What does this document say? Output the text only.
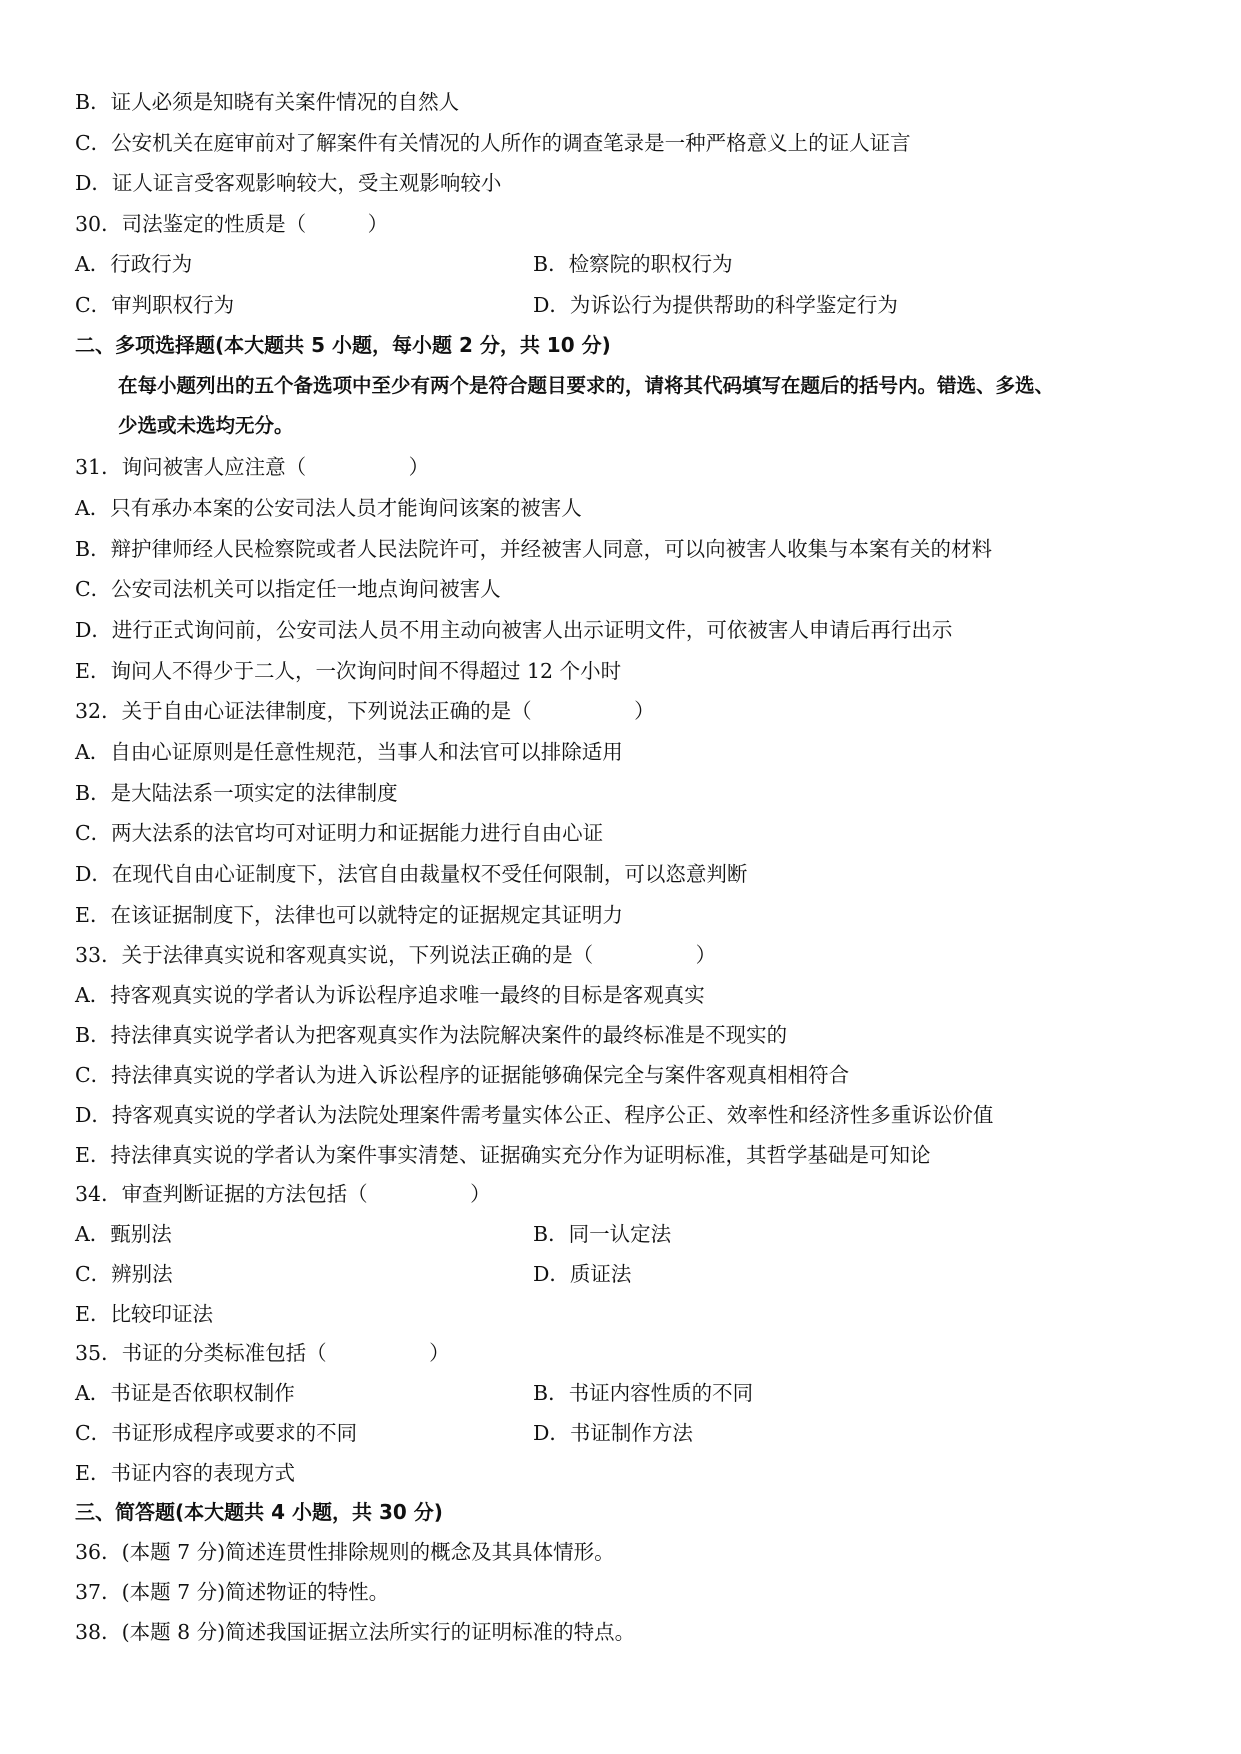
B．证人必须是知晓有关案件情况的自然人
C．公安机关在庭审前对了解案件有关情况的人所作的调查笔录是一种严格意义上的证人证言
D．证人证言受客观影响较大，受主观影响较小
30．司法鉴定的性质是（　　　）
A．行政行为	B．检察院的职权行为
C．审判职权行为	D．为诉讼行为提供帮助的科学鉴定行为
二、多项选择题(本大题共 5 小题，每小题 2 分，共 10 分)
在每小题列出的五个备选项中至少有两个是符合题目要求的，请将其代码填写在题后的括号内。错选、多选、
少选或未选均无分。
31．询问被害人应注意（　　　　　）
A．只有承办本案的公安司法人员才能询问该案的被害人
B．辩护律师经人民检察院或者人民法院许可，并经被害人同意，可以向被害人收集与本案有关的材料
C．公安司法机关可以指定任一地点询问被害人
D．进行正式询问前，公安司法人员不用主动向被害人出示证明文件，可依被害人申请后再行出示
E．询问人不得少于二人，一次询问时间不得超过 12 个小时
32．关于自由心证法律制度，下列说法正确的是（　　　　　）
A．自由心证原则是任意性规范，当事人和法官可以排除适用
B．是大陆法系一项实定的法律制度
C．两大法系的法官均可对证明力和证据能力进行自由心证
D．在现代自由心证制度下，法官自由裁量权不受任何限制，可以恣意判断
E．在该证据制度下，法律也可以就特定的证据规定其证明力
33．关于法律真实说和客观真实说，下列说法正确的是（　　　　　）
A．持客观真实说的学者认为诉讼程序追求唯一最终的目标是客观真实
B．持法律真实说学者认为把客观真实作为法院解决案件的最终标准是不现实的
C．持法律真实说的学者认为进入诉讼程序的证据能够确保完全与案件客观真相相符合
D．持客观真实说的学者认为法院处理案件需考量实体公正、程序公正、效率性和经济性多重诉讼价值
E．持法律真实说的学者认为案件事实清楚、证据确实充分作为证明标准，其哲学基础是可知论
34．审查判断证据的方法包括（　　　　　）
A．甄别法	B．同一认定法
C．辨别法	D．质证法
E．比较印证法
35．书证的分类标准包括（　　　　　）
A．书证是否依职权制作	B．书证内容性质的不同
C．书证形成程序或要求的不同	D．书证制作方法
E．书证内容的表现方式
三、简答题(本大题共 4 小题，共 30 分)
36．(本题 7 分)简述连贯性排除规则的概念及其具体情形。
37．(本题 7 分)简述物证的特性。
38．(本题 8 分)简述我国证据立法所实行的证明标准的特点。
